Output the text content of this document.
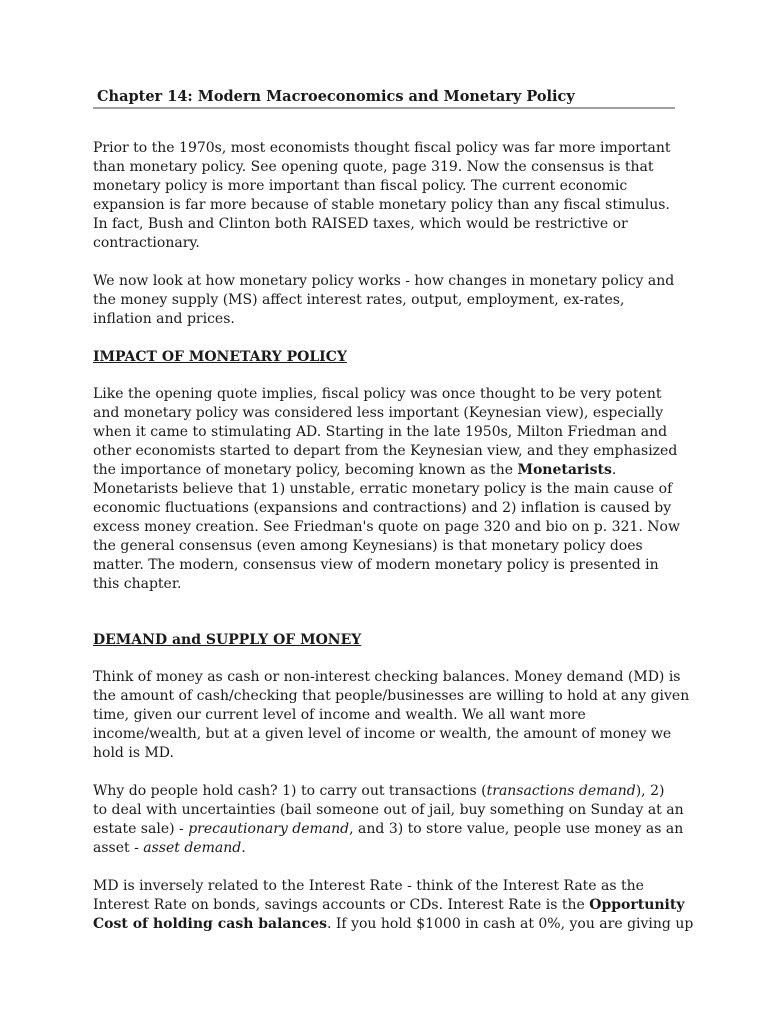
Chapter 14: Modern Macroeconomics and Monetary Policy

Prior to the 1970s, most economists thought fiscal policy was far more important
than monetary policy. See opening quote, page 319. Now the consensus is that
monetary policy is more important than fiscal policy. The current economic
expansion is far more because of stable monetary policy than any fiscal stimulus.
In fact, Bush and Clinton both RAISED taxes, which would be restrictive or
contractionary.

We now look at how monetary policy works - how changes in monetary policy and
the money supply (MS) affect interest rates, output, employment, ex-rates,
inflation and prices.

IMPACT OF MONETARY POLICY

Like the opening quote implies, fiscal policy was once thought to be very potent
and monetary policy was considered less important (Keynesian view), especially
when it came to stimulating AD. Starting in the late 1950s, Milton Friedman and
other economists started to depart from the Keynesian view, and they emphasized
the importance of monetary policy, becoming known as the Monetarists.
Monetarists believe that 1) unstable, erratic monetary policy is the main cause of
economic fluctuations (expansions and contractions) and 2) inflation is caused by
excess money creation. See Friedman's quote on page 320 and bio on p. 321. Now
the general consensus (even among Keynesians) is that monetary policy does
matter. The modern, consensus view of modern monetary policy is presented in
this chapter.

DEMAND and SUPPLY OF MONEY

Think of money as cash or non-interest checking balances. Money demand (MD) is
the amount of cash/checking that people/businesses are willing to hold at any given
time, given our current level of income and wealth. We all want more
income/wealth, but at a given level of income or wealth, the amount of money we
hold is MD.

Why do people hold cash? 1) to carry out transactions (transactions demand), 2)
to deal with uncertainties (bail someone out of jail, buy something on Sunday at an
estate sale) - precautionary demand, and 3) to store value, people use money as an
asset - asset demand.

MD is inversely related to the Interest Rate - think of the Interest Rate as the
Interest Rate on bonds, savings accounts or CDs. Interest Rate is the Opportunity
Cost of holding cash balances. If you hold $1000 in cash at 0%, you are giving up
